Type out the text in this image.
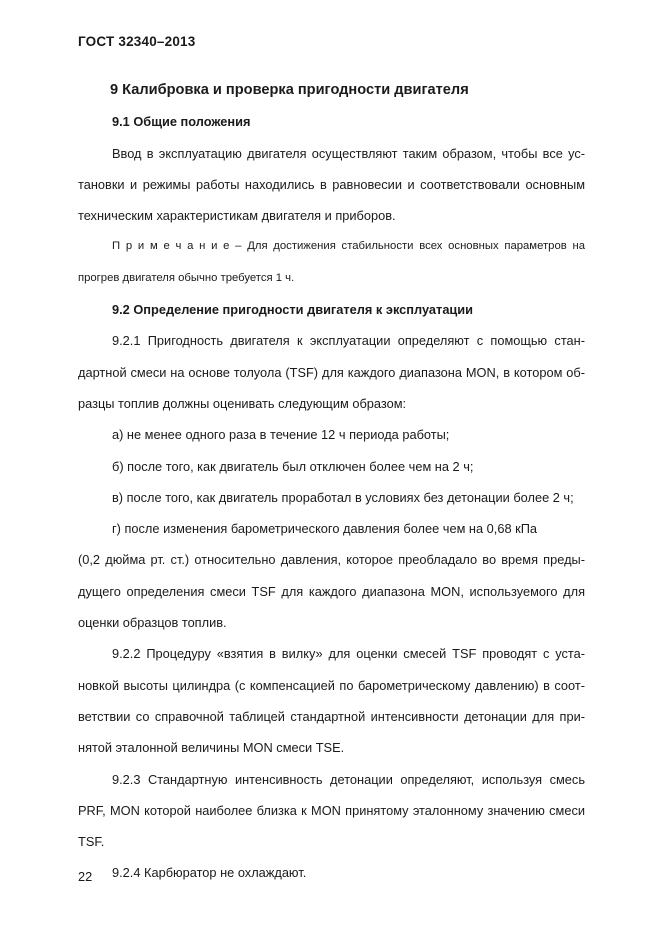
ГОСТ 32340–2013
9 Калибровка и проверка пригодности двигателя
9.1 Общие положения
Ввод в эксплуатацию двигателя осуществляют таким образом, чтобы все ус-
тановки и режимы работы находились в равновесии и соответствовали основным
техническим характеристикам двигателя и приборов.
П р и м е ч а н и е – Для достижения стабильности всех основных параметров на
прогрев двигателя обычно требуется 1 ч.
9.2 Определение пригодности двигателя к эксплуатации
9.2.1 Пригодность двигателя к эксплуатации определяют с помощью стан-
дартной смеси на основе толуола (TSF) для каждого диапазона MON, в котором об-
разцы топлив должны оценивать следующим образом:
а) не менее одного раза в течение 12 ч периода работы;
б) после того, как двигатель был отключен более чем на 2 ч;
в) после того, как двигатель проработал в условиях без детонации более 2 ч;
г) после изменения барометрического давления более чем на 0,68 кПа
(0,2 дюйма рт. ст.) относительно давления, которое преобладало во время преды-
дущего определения смеси TSF для каждого диапазона MON, используемого для
оценки образцов топлив.
9.2.2 Процедуру «взятия в вилку» для оценки смесей TSF проводят с уста-
новкой высоты цилиндра (с компенсацией по барометрическому давлению) в соот-
ветствии со справочной таблицей стандартной интенсивности детонации для при-
нятой эталонной величины MON смеси TSE.
9.2.3 Стандартную интенсивность детонации определяют, используя смесь
PRF, MON которой наиболее близка к MON принятому эталонному значению смеси
TSF.
9.2.4 Карбюратор не охлаждают.
22
